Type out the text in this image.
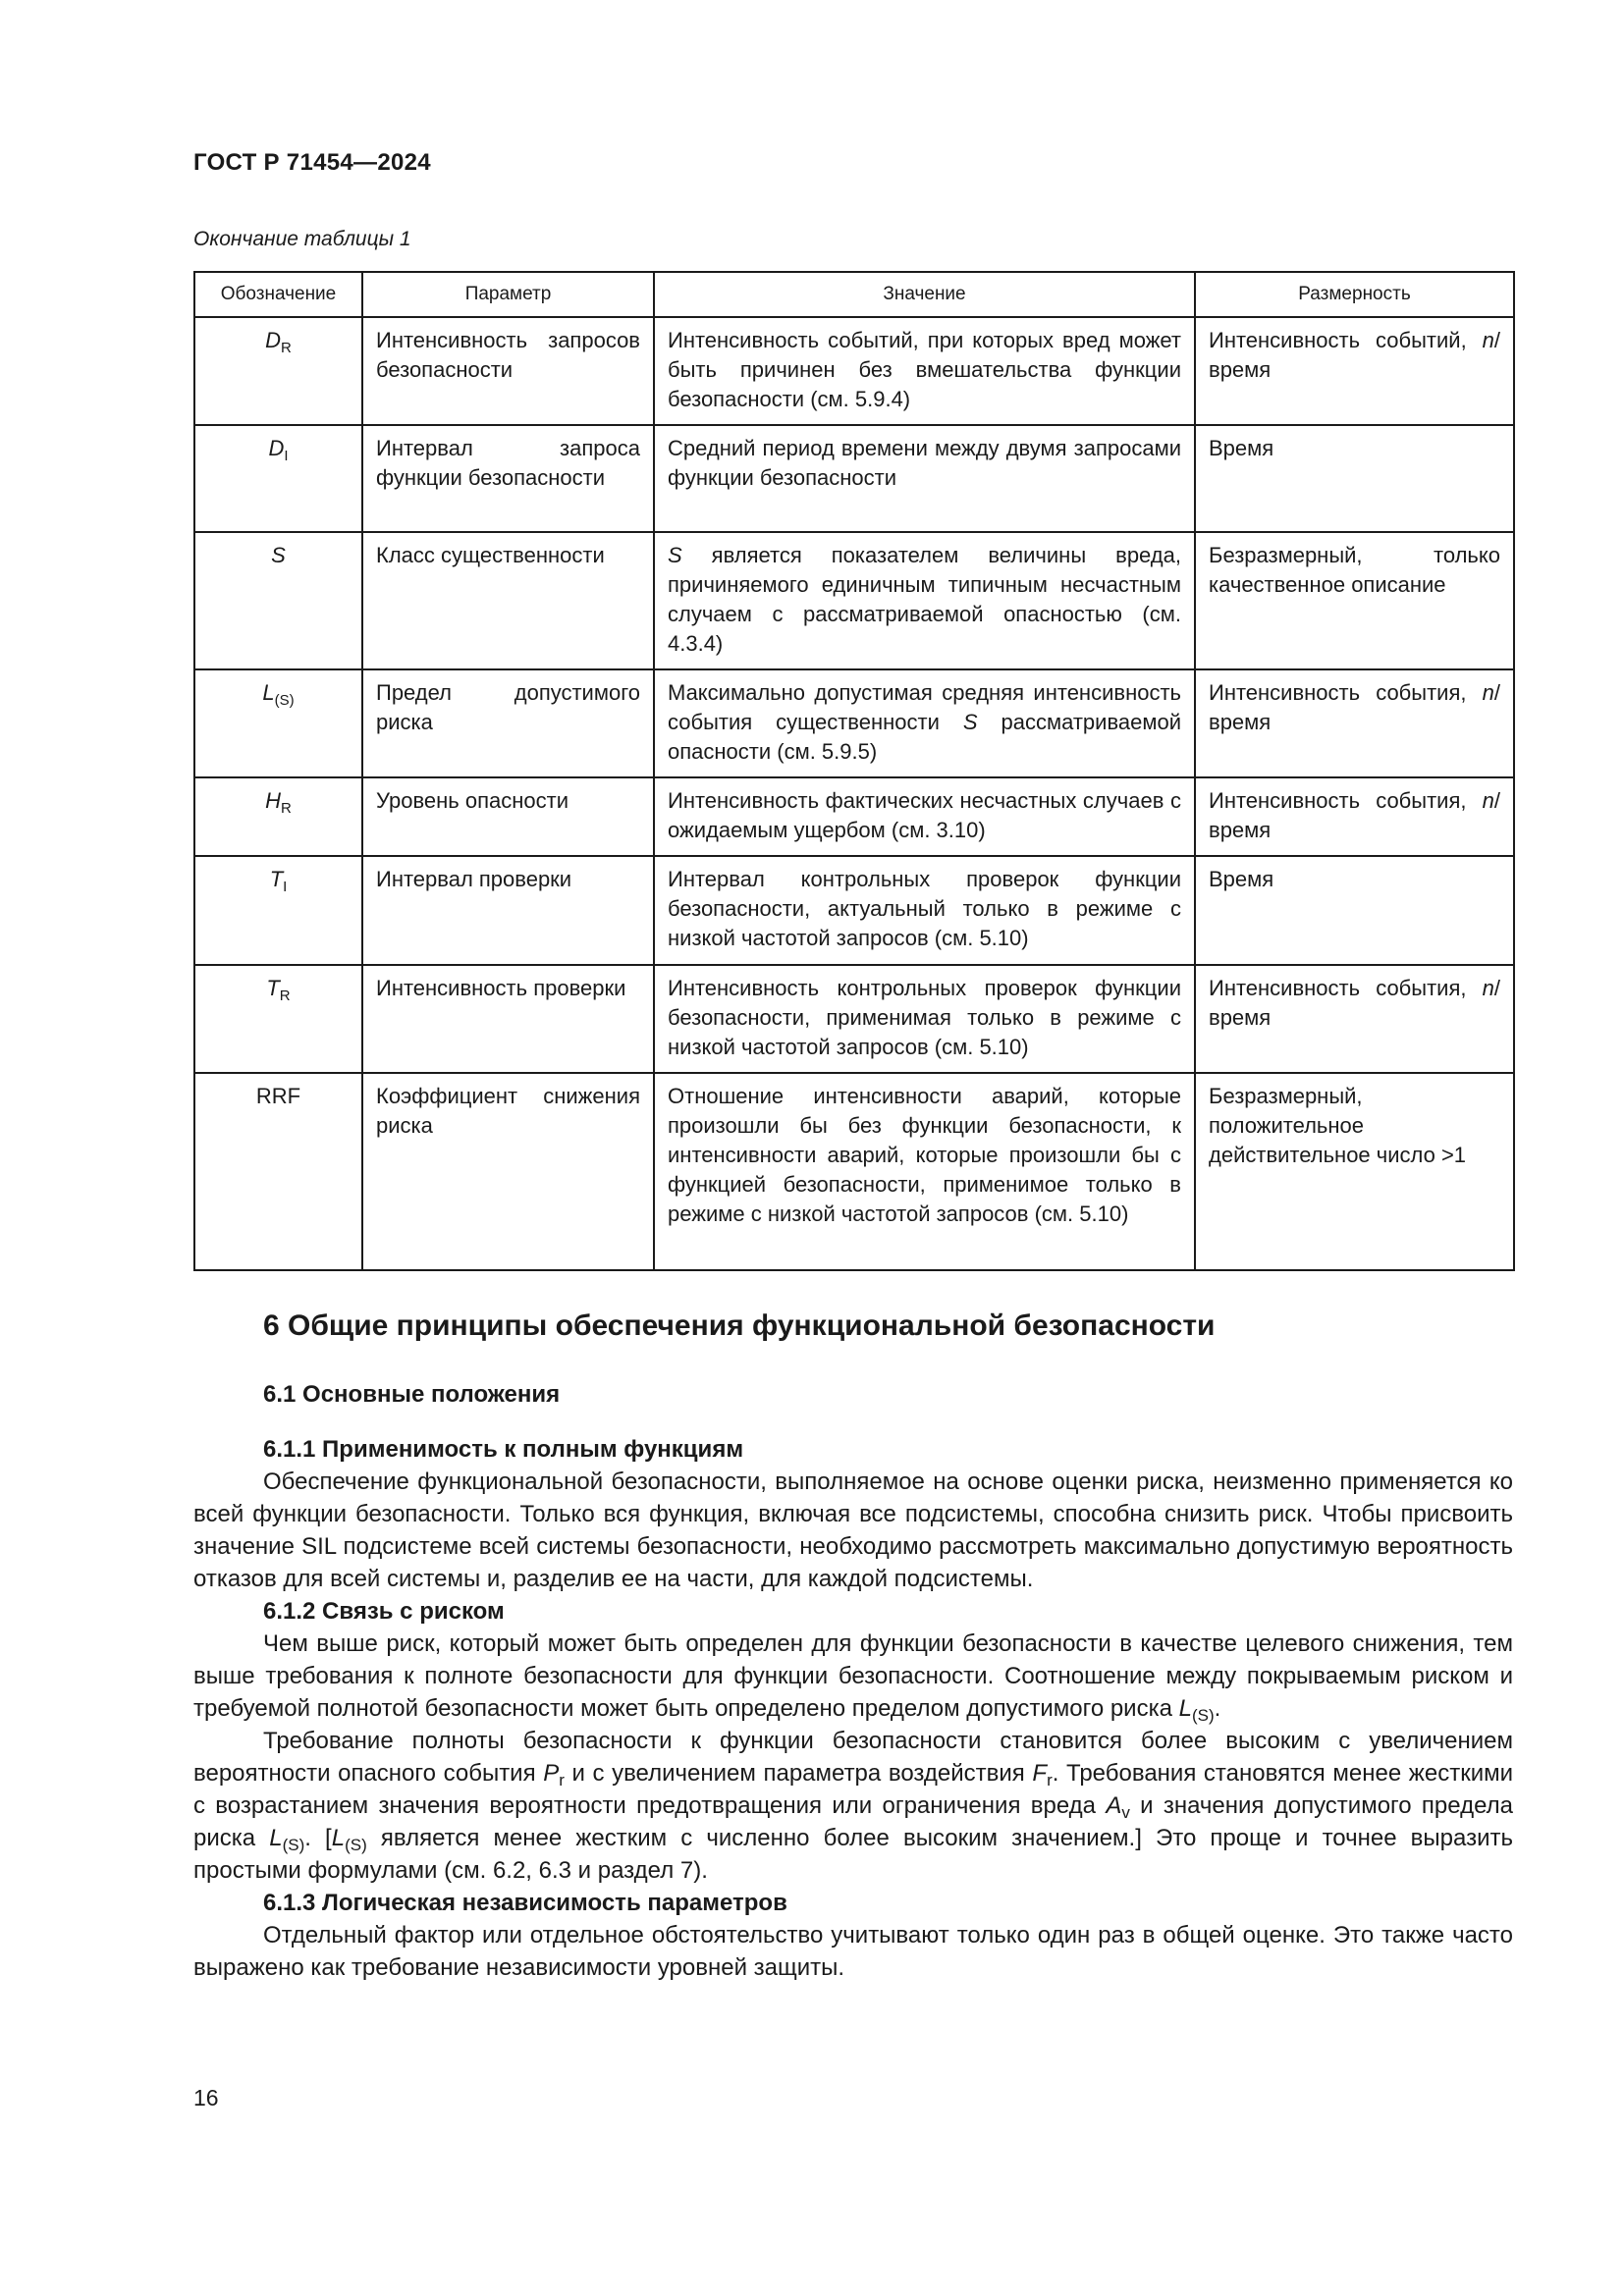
ГОСТ Р 71454—2024
Окончание таблицы 1
Обозначение	Параметр	Значение	Размерность
$D_R$	Интенсивность запросов безопасности	Интенсивность событий, при которых вред может быть причинен без вмешательства функции безопасности (см. 5.9.4)	Интенсивность событий, n/время
$D_I$	Интервал запроса функции безопасности	Средний период времени между двумя запросами функции безопасности	Время
S	Класс существенности	S является показателем величины вреда, причиняемого единичным типичным несчастным случаем с рассматриваемой опасностью (см. 4.3.4)	Безразмерный, только качественное описание
$L_{(S)}$	Предел допустимого риска	Максимально допустимая средняя интенсивность события существенности S рассматриваемой опасности (см. 5.9.5)	Интенсивность события, n/время
$H_R$	Уровень опасности	Интенсивность фактических несчастных случаев с ожидаемым ущербом (см. 3.10)	Интенсивность события, n/время
$T_I$	Интервал проверки	Интервал контрольных проверок функции безопасности, актуальный только в режиме с низкой частотой запросов (см. 5.10)	Время
$T_R$	Интенсивность проверки	Интенсивность контрольных проверок функции безопасности, применимая только в режиме с низкой частотой запросов (см. 5.10)	Интенсивность события, n/время
RRF	Коэффициент снижения риска	Отношение интенсивности аварий, которые произошли бы без функции безопасности, к интенсивности аварий, которые произошли бы с функцией безопасности, применимое только в режиме с низкой частотой запросов (см. 5.10)	Безразмерный, положительное действительное число >1
6 Общие принципы обеспечения функциональной безопасности
6.1 Основные положения
6.1.1 Применимость к полным функциям

Обеспечение функциональной безопасности, выполняемое на основе оценки риска, неизменно применяется ко всей функции безопасности. Только вся функция, включая все подсистемы, способна снизить риск. Чтобы присвоить значение SIL подсистеме всей системы безопасности, необходимо рассмотреть максимально допустимую вероятность отказов для всей системы и, разделив ее на части, для каждой подсистемы.

6.1.2 Связь с риском

Чем выше риск, который может быть определен для функции безопасности в качестве целевого снижения, тем выше требования к полноте безопасности для функции безопасности. Соотношение между покрываемым риском и требуемой полнотой безопасности может быть определено пределом допустимого риска $L_{(S)}$.

Требование полноты безопасности к функции безопасности становится более высоким с увеличением вероятности опасного события $P_r$ и с увеличением параметра воздействия $F_r$. Требования становятся менее жесткими с возрастанием значения вероятности предотвращения или ограничения вреда $A_v$ и значения допустимого предела риска $L_{(S)}$. [$L_{(S)}$ является менее жестким с численно более высоким значением.] Это проще и точнее выразить простыми формулами (см. 6.2, 6.3 и раздел 7).

6.1.3 Логическая независимость параметров

Отдельный фактор или отдельное обстоятельство учитывают только один раз в общей оценке. Это также часто выражено как требование независимости уровней защиты.

16
